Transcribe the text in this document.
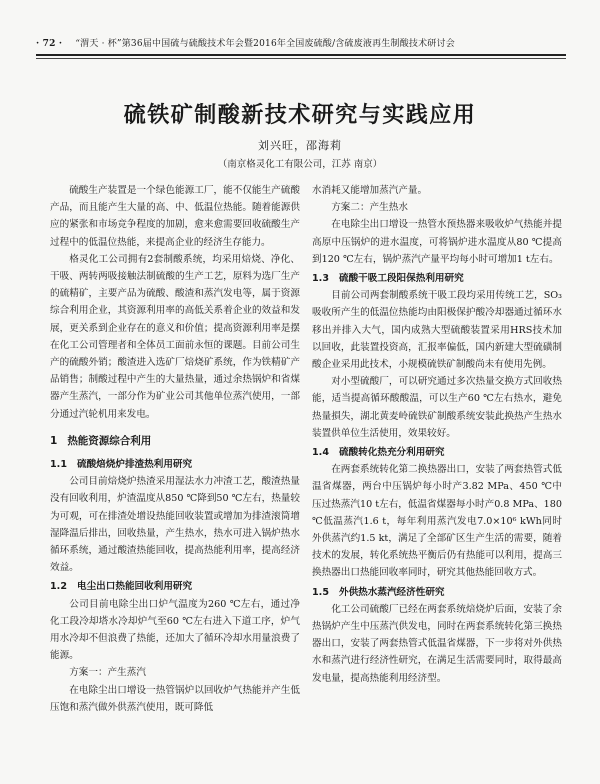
· 72 · “渭天 · 杯”第36届中国硫与硫酸技术年会暨2016年全国废硫酸/含硫废液再生制酸技术研讨会
硫铁矿制酸新技术研究与实践应用
刘兴旺，邵海莉
（南京格灵化工有限公司，江苏 南京）

硫酸生产装置是一个绿色能源工厂，能不仅能生产硫酸产品，而且能产生大量的高、中、低温位热能。随着能源供应的紧张和市场竞争程度的加剧，愈来愈需要回收硫酸生产过程中的低温位热能，来提高企业的经济生存能力。

格灵化工公司拥有2套制酸系统，均采用焙烧、净化、干吸、两转两吸接触法制硫酸的生产工艺，原料为选厂生产的硫精矿，主要产品为硫酸、酸渣和蒸汽发电等，属于资源综合利用企业，其资源利用率的高低关系着企业的效益和发展，更关系到企业存在的意义和价值；提高资源利用率是摆在化工公司管理者和全体员工面前永恒的课题。目前公司生产的硫酸外销；酸渣进入选矿厂焙烧矿系统，作为铁精矿产品销售；制酸过程中产生的大量热量，通过余热锅炉和省煤器产生蒸汽，一部分作为矿业公司其他单位蒸汽使用，一部分通过汽轮机用来发电。

1 热能资源综合利用
1.1 硫酸焙烧炉排渣热利用研究

公司目前焙烧炉热渣采用湿法水力冲渣工艺，酸渣热量没有回收利用，炉渣温度从850 ℃降到50 ℃左右，热量较为可观，可在排渣处增设热能回收装置或增加为排渣滚筒增湿降温后排出，回收热量，产生热水，热水可进入锅炉热水循环系统，通过酸渣热能回收，提高热能利用率，提高经济效益。

1.2 电尘出口热能回收利用研究

公司目前电除尘出口炉气温度为260 ℃左右，通过净化工段冷却塔水冷却炉气至60 ℃左右进入下道工序，炉气用水冷却不但浪费了热能，还加大了循环冷却水用量浪费了能源。

方案一：产生蒸汽

在电除尘出口增设一热管锅炉以回收炉气热能并产生低压饱和蒸汽做外供蒸汽使用，既可降低

水消耗又能增加蒸汽产量。

方案二：产生热水

在电除尘出口增设一热管水预热器来吸收炉气热能并提高原中压锅炉的进水温度，可将锅炉进水温度从80 ℃提高到120 ℃左右，锅炉蒸汽产量平均每小时可增加1 t左右。

1.3 硫酸干吸工段阳保热利用研究

目前公司两套制酸系统干吸工段均采用传统工艺，SO₃吸收所产生的低温位热能均由阳极保护酸冷却器通过循环水移出并排入大气，国内成熟大型硫酸装置采用HRS技术加以回收，此装置投资高，汇报率偏低，国内新建大型硫磺制酸企业采用此技术，小规模硫铁矿制酸尚未有使用先例。

对小型硫酸厂，可以研究通过多次热量交换方式回收热能，适当提高循环酸酸温，可以生产60 ℃左右热水，避免热量損失，湖北黄麦岭硫铁矿制酸系统安装此换热产生热水装置供单位生活使用，效果较好。

1.4 硫酸转化热充分利用研究

在两套系统转化第二换热器出口，安装了两套热管式低温省煤器，两台中压锅炉每小时产3.82 MPa、450 ℃中压过热蒸汽10 t左右，低温省煤器每小时产0.8 MPa、180 ℃低温蒸汽1.6 t，每年利用蒸汽发电7.0×10⁶ kWh同时外供蒸汽约1.5 kt，满足了全部矿区生产生活的需要，随着技术的发展，转化系统热平衡后仍有热能可以利用，提高三换热器出口热能回收率同时，研究其他热能回收方式。

1.5 外供热水蒸汽经济性研究

化工公司硫酸厂已经在两套系统焙烧炉后面，安装了余热锅炉产生中压蒸汽供发电，同时在两套系统转化第三换热器出口，安装了两套热管式低温省煤器，下一步将对外供热水和蒸汽进行经济性研究，在满足生活需要同时，取得最高发电量，提高热能利用经济型。
